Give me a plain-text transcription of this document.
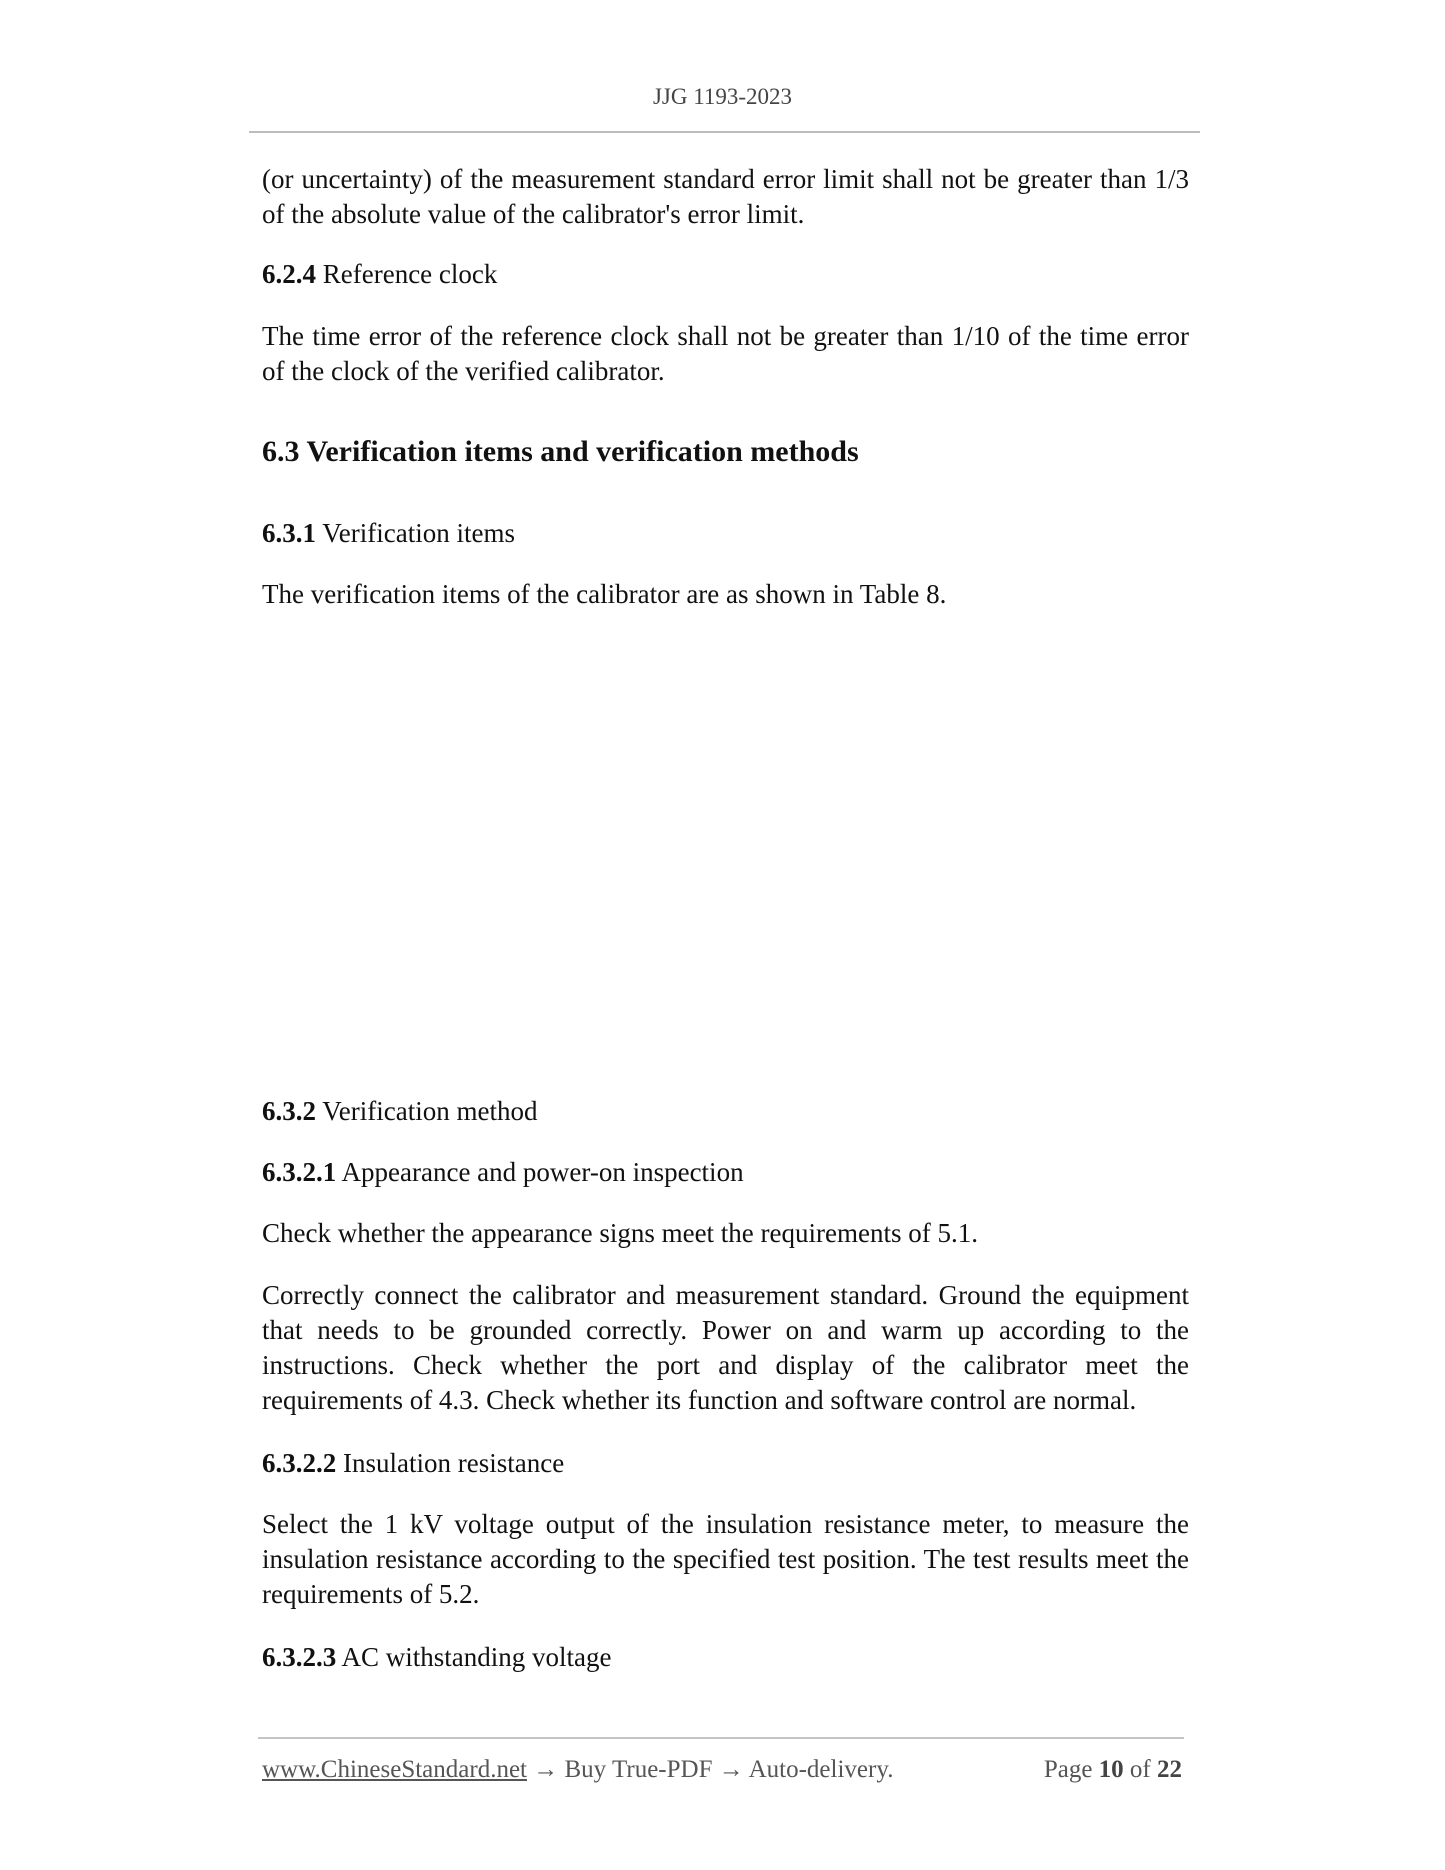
JJG 1193-2023
(or uncertainty) of the measurement standard error limit shall not be greater than 1/3 of the absolute value of the calibrator's error limit.
6.2.4 Reference clock
The time error of the reference clock shall not be greater than 1/10 of the time error of the clock of the verified calibrator.
6.3 Verification items and verification methods
6.3.1 Verification items
The verification items of the calibrator are as shown in Table 8.
6.3.2 Verification method
6.3.2.1 Appearance and power-on inspection
Check whether the appearance signs meet the requirements of 5.1.
Correctly connect the calibrator and measurement standard. Ground the equipment that needs to be grounded correctly. Power on and warm up according to the instructions. Check whether the port and display of the calibrator meet the requirements of 4.3. Check whether its function and software control are normal.
6.3.2.2 Insulation resistance
Select the 1 kV voltage output of the insulation resistance meter, to measure the insulation resistance according to the specified test position. The test results meet the requirements of 5.2.
6.3.2.3 AC withstanding voltage
www.ChineseStandard.net → Buy True-PDF → Auto-delivery.	Page 10 of 22
